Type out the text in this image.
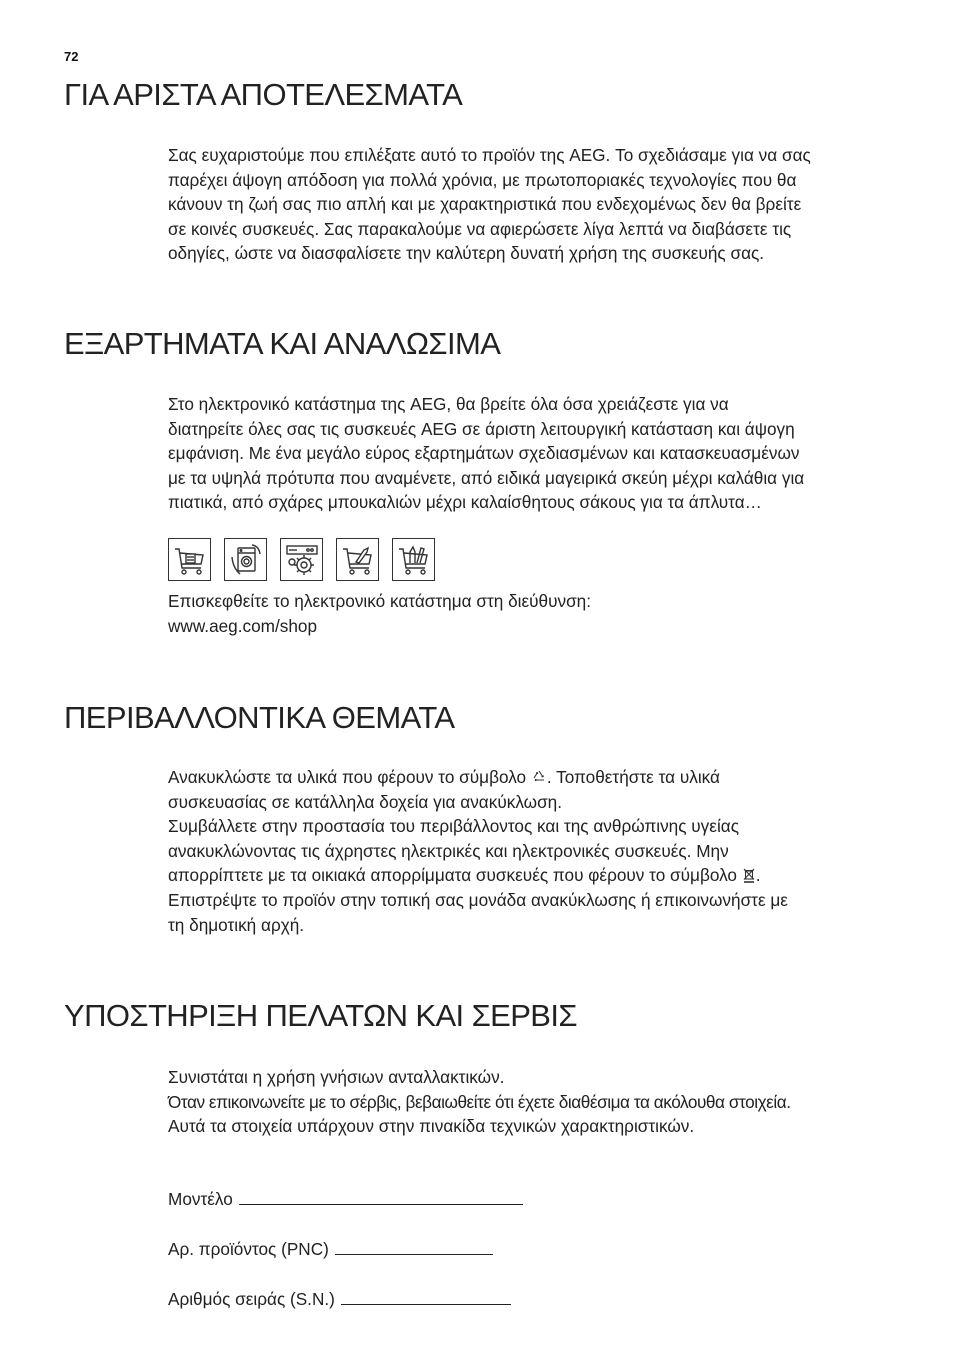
72
ΓΙΑ ΑΡΙΣΤΑ ΑΠΟΤΕΛΕΣΜΑΤΑ
Σας ευχαριστούμε που επιλέξατε αυτό το προϊόν της AEG. Το σχεδιάσαμε για να σας
παρέχει άψογη απόδοση για πολλά χρόνια, με πρωτοποριακές τεχνολογίες που θα
κάνουν τη ζωή σας πιο απλή και με χαρακτηριστικά που ενδεχομένως δεν θα βρείτε
σε κοινές συσκευές. Σας παρακαλούμε να αφιερώσετε λίγα λεπτά να διαβάσετε τις
οδηγίες, ώστε να διασφαλίσετε την καλύτερη δυνατή χρήση της συσκευής σας.
ΕΞΑΡΤΗΜΑΤΑ ΚΑΙ ΑΝΑΛΩΣΙΜΑ
Στο ηλεκτρονικό κατάστημα της AEG, θα βρείτε όλα όσα χρειάζεστε για να
διατηρείτε όλες σας τις συσκευές AEG σε άριστη λειτουργική κατάσταση και άψογη
εμφάνιση. Με ένα μεγάλο εύρος εξαρτημάτων σχεδιασμένων και κατασκευασμένων
με τα υψηλά πρότυπα που αναμένετε, από ειδικά μαγειρικά σκεύη μέχρι καλάθια για
πιατικά, από σχάρες μπουκαλιών μέχρι καλαίσθητους σάκους για τα άπλυτα…
Επισκεφθείτε το ηλεκτρονικό κατάστημα στη διεύθυνση:
www.aeg.com/shop
ΠΕΡΙΒΑΛΛΟΝΤΙΚΑ ΘΕΜΑΤΑ
Ανακυκλώστε τα υλικά που φέρουν το σύμβολο . Τοποθετήστε τα υλικά
συσκευασίας σε κατάλληλα δοχεία για ανακύκλωση.
Συμβάλλετε στην προστασία του περιβάλλοντος και της ανθρώπινης υγείας
ανακυκλώνοντας τις άχρηστες ηλεκτρικές και ηλεκτρονικές συσκευές. Μην
απορρίπτετε με τα οικιακά απορρίμματα συσκευές που φέρουν το σύμβολο .
Επιστρέψτε το προϊόν στην τοπική σας μονάδα ανακύκλωσης ή επικοινωνήστε με
τη δημοτική αρχή.
ΥΠΟΣΤΗΡΙΞΗ ΠΕΛΑΤΩΝ ΚΑΙ ΣΕΡΒΙΣ
Συνιστάται η χρήση γνήσιων ανταλλακτικών.
Όταν επικοινωνείτε με το σέρβις, βεβαιωθείτε ότι έχετε διαθέσιμα τα ακόλουθα στοιχεία.
Αυτά τα στοιχεία υπάρχουν στην πινακίδα τεχνικών χαρακτηριστικών.
Μοντέλο
Αρ. προϊόντος (PNC)
Αριθμός σειράς (S.N.)
